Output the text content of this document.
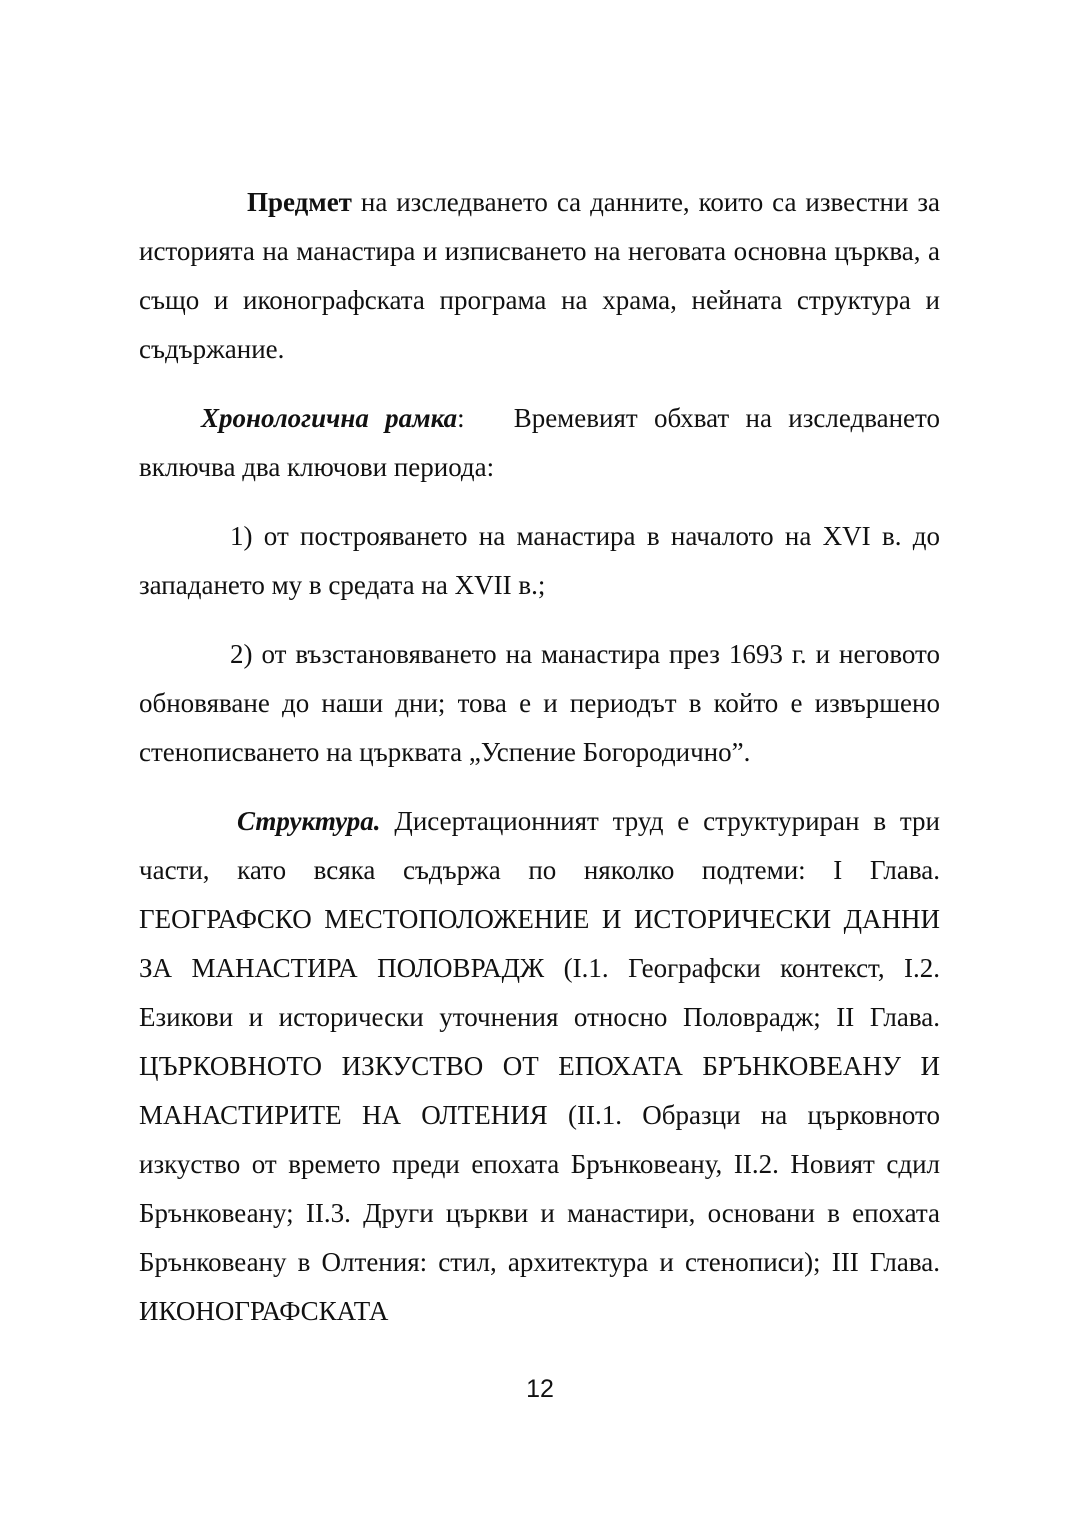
Предмет на изследването са данните, които са известни за историята на манастира и изписването на неговата основна църква, а също и иконографската програма на храма, нейната структура и съдържание.

Хронологична рамка:   Времевият обхват на изследването включва два ключови периода:

1) от построяването на манастира в началото на XVI в. до западането му в средата на XVII в.;

2) от възстановяването на манастира през 1693 г. и неговото обновяване до наши дни; това е и периодът в който е извършено стенописването на църквата „Успение Богородично”.

Структура. Дисертационният труд е структуриран в три части, като всяка съдържа по няколко подтеми: I Глава. ГЕОГРАФСКО МЕСТОПОЛОЖЕНИЕ И ИСТОРИЧЕСКИ ДАННИ ЗА МАНАСТИРА ПОЛОВРАДЖ (I.1. Географски контекст, I.2. Езикови и исторически уточнения относно Половрадж; II Глава. ЦЪРКОВНОТО ИЗКУСТВО ОТ ЕПОХАТА БРЪНКОВЕАНУ И МАНАСТИРИТЕ НА ОЛТЕНИЯ (II.1. Образци на църковното изкуство от времето преди епохата Брънковеану, II.2. Новият сдил Брънковеану; II.3. Други църкви и манастири, основани в епохата Брънковеану в Олтения: стил, архитектура и стенописи); III Глава. ИКОНОГРАФСКАТА

12
